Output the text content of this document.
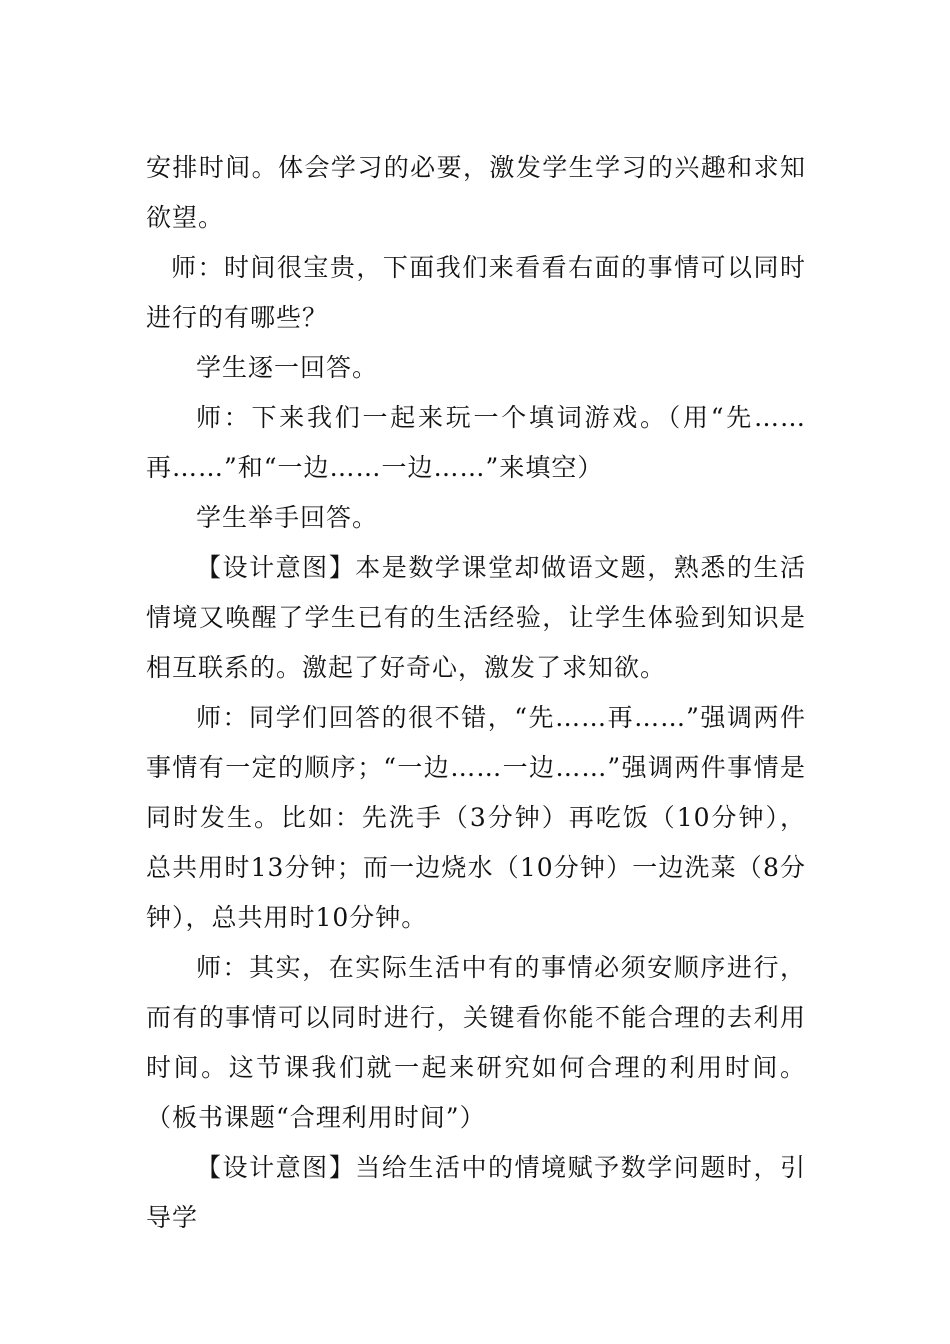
安排时间。体会学习的必要，激发学生学习的兴趣和求知欲望。

师：时间很宝贵，下面我们来看看右面的事情可以同时进行的有哪些？

学生逐一回答。

师：下来我们一起来玩一个填词游戏。（用“先……再……”和“一边……一边……”来填空）

学生举手回答。

【设计意图】本是数学课堂却做语文题，熟悉的生活情境又唤醒了学生已有的生活经验，让学生体验到知识是相互联系的。激起了好奇心，激发了求知欲。

师：同学们回答的很不错，“先……再……”强调两件事情有一定的顺序；“一边……一边……”强调两件事情是同时发生。比如：先洗手（3分钟）再吃饭（10分钟），总共用时13分钟；而一边烧水（10分钟）一边洗菜（8分钟），总共用时10分钟。

师：其实，在实际生活中有的事情必须安顺序进行，而有的事情可以同时进行，关键看你能不能合理的去利用时间。这节课我们就一起来研究如何合理的利用时间。（板书课题“合理利用时间”）

【设计意图】当给生活中的情境赋予数学问题时，引导学
